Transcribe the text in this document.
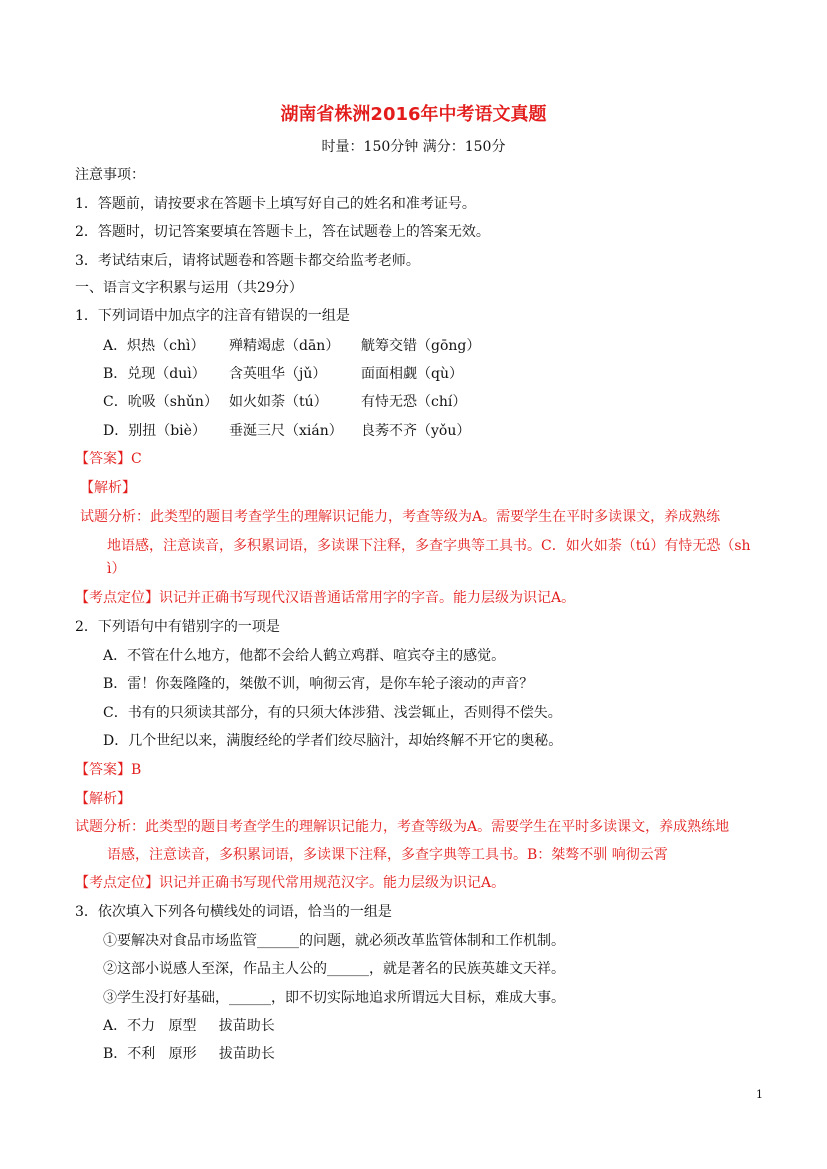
湖南省株洲2016年中考语文真题
时量：150分钟 满分：150分
注意事项：
1．答题前，请按要求在答题卡上填写好自己的姓名和准考证号。
2．答题时，切记答案要填在答题卡上，答在试题卷上的答案无效。
3．考试结束后，请将试题卷和答题卡都交给监考老师。
一、语言文字积累与运用（共29分）
1．下列词语中加点字的注音有错误的一组是
A．炽热（chì） 殚精竭虑（dān） 觥筹交错（gōng）
B．兑现（duì） 含英咀华（jǔ） 面面相觑（qù）
C．吮吸（shǔn） 如火如荼（tú） 有恃无恐（chí）
D．别扭（biè） 垂涎三尺（xián） 良莠不齐（yǒu）
【答案】C
【解析】
试题分析：此类型的题目考查学生的理解识记能力，考查等级为A。需要学生在平时多读课文，养成熟练
地语感，注意读音，多积累词语，多读课下注释，多查字典等工具书。C．如火如荼（tú）有恃无恐（sh
ì）
【考点定位】识记并正确书写现代汉语普通话常用字的字音。能力层级为识记A。
2．下列语句中有错别字的一项是
A．不管在什么地方，他都不会给人鹤立鸡群、喧宾夺主的感觉。
B．雷！你轰隆隆的，桀傲不训，响彻云宵，是你车轮子滚动的声音？
C．书有的只须读其部分，有的只须大体涉猎、浅尝辄止，否则得不偿失。
D．几个世纪以来，满腹经纶的学者们绞尽脑汁，却始终解不开它的奥秘。
【答案】B
【解析】
试题分析：此类型的题目考查学生的理解识记能力，考查等级为A。需要学生在平时多读课文，养成熟练地
语感，注意读音，多积累词语，多读课下注释，多查字典等工具书。B：桀骜不驯 响彻云霄
【考点定位】识记并正确书写现代常用规范汉字。能力层级为识记A。
3．依次填入下列各句横线处的词语，恰当的一组是
①要解决对食品市场监管______的问题，就必须改革监管体制和工作机制。
②这部小说感人至深，作品主人公的______，就是著名的民族英雄文天祥。
③学生没打好基础，______，即不切实际地追求所谓远大目标，难成大事。
A．不力   原型     拔苗助长
B．不利   原形     拔苗助长
1
